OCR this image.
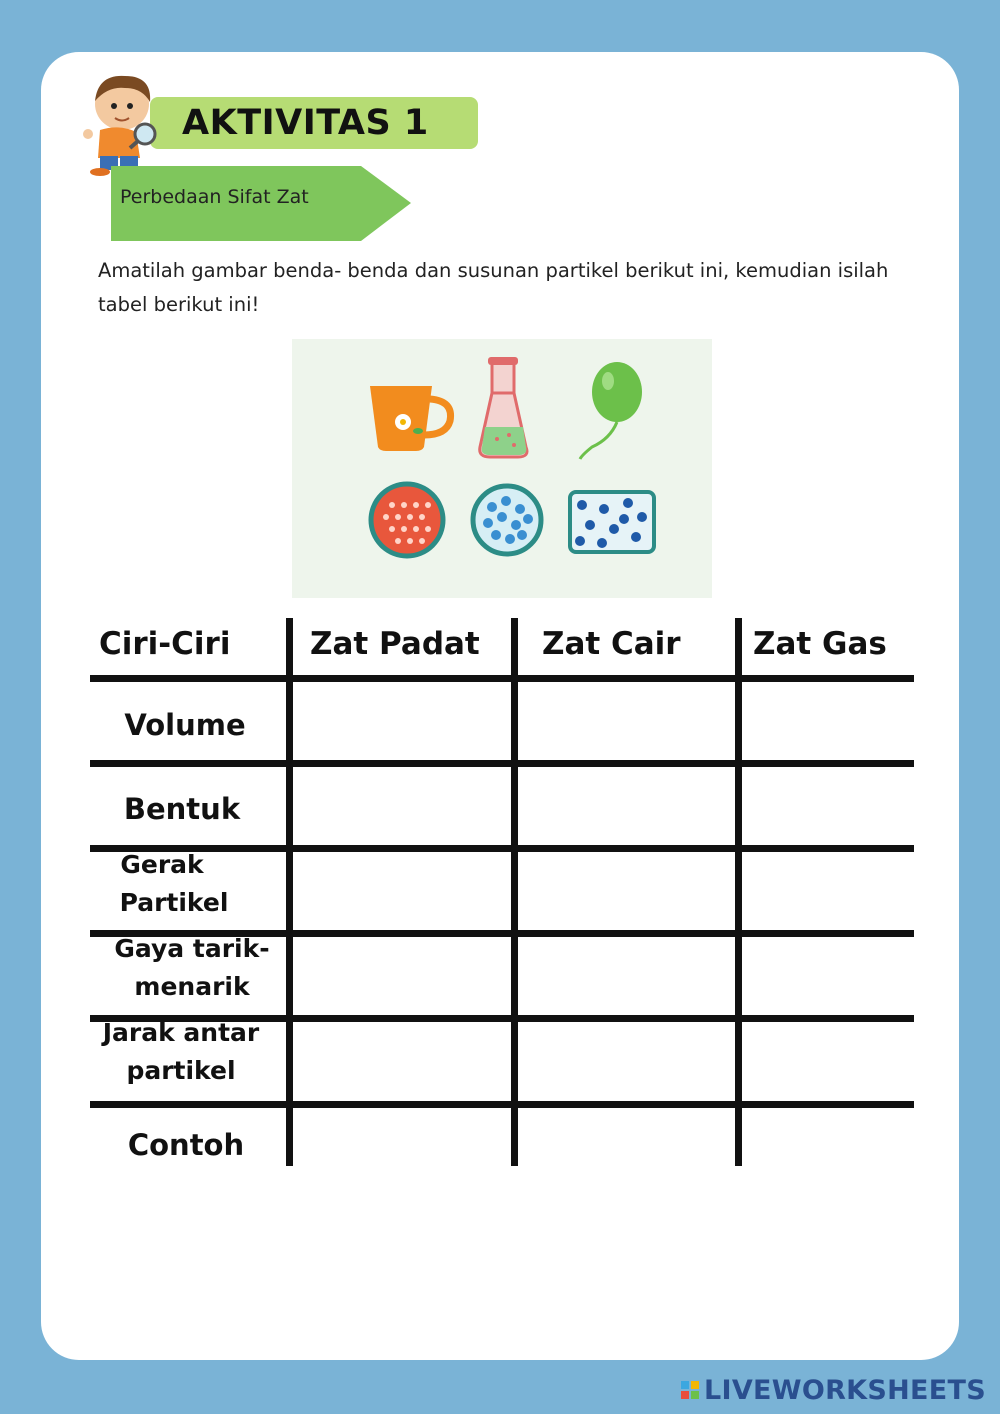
AKTIVITAS 1
Perbedaan Sifat Zat
Amatilah gambar benda- benda dan susunan partikel berikut ini, kemudian isilah tabel berikut ini!
Ciri-Ciri	Zat Padat Zat Cair Zat Gas
Volume
Bentuk
Gerak
Partikel
Gaya tarik-
menarik
Jarak antar
partikel
Contoh
LIVEWORKSHEETS
